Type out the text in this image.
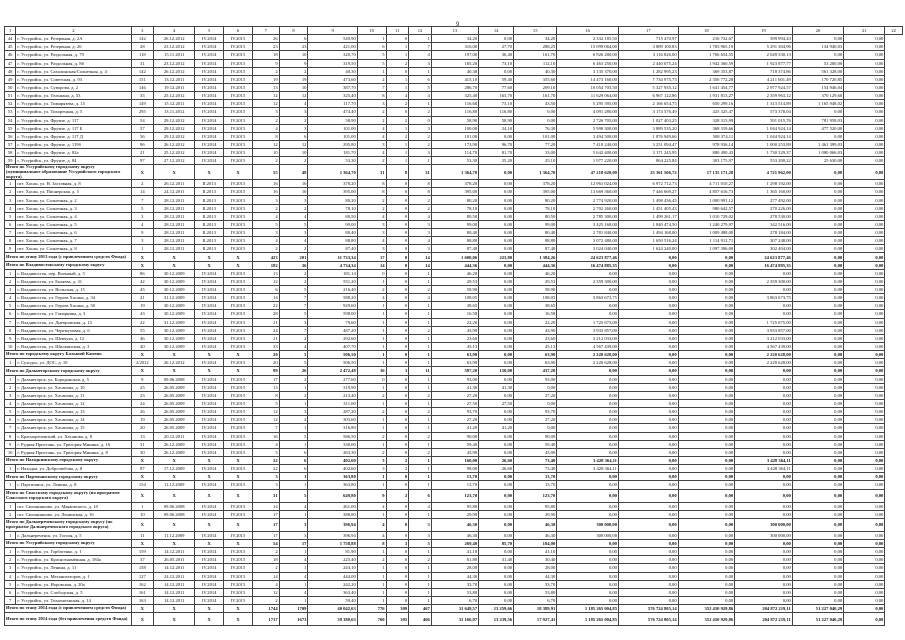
9
1	2	3	4	5	6	7	8	9	10	11	12	13	14	15	16	17	18	19	20	21	22
44	г. Уссурийск, ул. Резервная, д. 2А	142	26.12.2012	IV.2014	IV.2015	26	6	549,90	1	0	1	34,20	0,00	34,20	2 332 185,50	715 470,97	216 732,67	399 994,43	0,00	0,00	
45	г. Уссурийск, ул. Резервная, д. 26	28	23.12.2012	IV.2014	IV.2015	23	23	421,00	6	1	7	316,00	27,70	288,25	15 099 064,00	3 889 100,83	1 783 965,19	5 291 304,96	134 940,03	0,00	
46	г. Уссурийск, ул. Раздольная, д. 79	118	15.11.2011	IV.2014	IV.2015	18	10	320,70	5	1	4	197,00	36,40	161,70	6 926 280,00	3 116 826,00	1 766 654,55	2 049 330,13	0,00	0,00	
47	г. Уссурийск, ул. Раздольная, д. 86	31	23.12.2012	IV.2014	IV.2015	9	9	319,50	5	2	3	185,20	73,10	112,10	6 463 250,00	2 440 075,24	1 942 360,59	1 923 877,77	53 200,00	0,00	
48	г. Уссурийск, ул. Сахалинская/Солнечная, д. 4	142	26.12.2012	IV.2014	IV.2015	2	2	40,30	1	0	1	40,30	0,00	40,30	3 135 370,00	1 282 995,23	369 353,87	718 374,86	561 328,00	0,00	
49	г. Уссурийск, ул. Советская, д. 93	151	13.12.2011	IV.2014	IV.2015	19	19	473,60	2	1	6	415,10	59,40	355,60	14 473 160,00	7 734 975,75	2 356 772,28	4 211 601,49	170 720,85	0,00	
50	г. Уссурийск, ул. Суворова, д. 2	146	19.12.2011	IV.2014	IV.2015	13	10	387,70	7	1	5	286,70	77,60	209,10	10 054 705,50	5 327 935,12	1 641 454,77	2 977 924,57	154 946,04	0,00	
51	г. Уссурийск, ул. Тельмана, д. 53	35	25.12.2012	IV.2014	IV.2015	12	12	325,40	8	4	4	325,40	163,70	161,70	11 629 064,00	6 967 122,86	1 931 813,27	2 359 963,12	370 129,60	0,00	
52	г. Уссурийск, ул. Тимирязева, д. 15	149	15.12.2011	IV.2014	IV.2015	12	4	117,70	3	2	1	116,60	73,10	43,50	5 295 395,00	2 166 654,75	650 299,16	1 313 514,89	1 165 948,02	0,00	
53	г. Уссурийск, ул. Тихорецкая, д. 5	295	13.11.2012	IV.2014	IV.2015	3	3	474,40	2	0	2	116,80	116,80	0,00	4 091 280,00	3 174 576,49	425 325,47	573 378,04	0,00	0,00	
54	г. Уссурийск, ул. Фрунзе, д. 117	54	29.12.2012	IV.2014	IV.2015	2	2	58,90	2	2	0	58,90	58,90	0,00	2 726 705,00	1 027 403,25	328 313,99	591 015,76	781 958,03	0,00	
55	г. Уссурийск, ул. Фрунзе, д. 117 Б	57	29.12.2012	IV.2014	IV.2015	4	3	101,00	4	1	3	100,00	24,10	76,30	5 998 300,00	3 889 535,20	368 319,66	1 044 924,14	477 520,00	0,00	
56	г. Уссурийск, ул. Фрунзе, д. 117 Д	56	29.12.2012	IV.2014	IV.2015	8	6	101,00	4	2	2	101,00	0,00	101,00	3 494 500,00	1 876 949,66	508 374,11	1 044 924,14	0,00	0,00	
57	г. Уссурийск, ул. Фрунзе, д. 119б	96	26.12.2012	IV.2014	IV.2015	12	12	295,80	3	1	2	173,90	96,70	77,20	7 410 240,00	3 251 094,47	978 936,14	1 000 253,89	1 461 399,03	0,00	
58	г. Уссурийск, ул. Фрунзе, д. 82а	21	25.12.2012	IV.2014	IV.2015	10	10	181,70	4	1	3	114,70	81,70	33,00	5 642 400,00	3 171 245,95	880 490,43	1 730 329,37	1 080 066,03	0,00	
59	г. Уссурийск, ул. Фрунзе, д. 84	97	27.12.2012	IV.2014	IV.2015	2	2	53,30	2	1	1	53,30	25,20	25,10	1 977 220,00	864 225,84	303 175,97	553 200,22	25 630,00	0,00	
Итого по Уссурийскому городскому округу (муниципальное образование Уссурийского городского округа)		X	X	X	X	55	48	1 364,70	31	8	31	1 364,70	0,00	1 364,70	47 218 620,00	25 361 506,72	17 135 171,28	4 721 962,00	0,00	0,00	
1	пгт. Хасан, ул. Н. Заставная, д. 8	2	26.12.2011	II.2013	IV.2015	16	16	378,20	8	0	8	378,20	0,00	378,20	12 961 024,00	6 972 712,73	4 711 010,27	1 298 192,00	0,00	0,00	
2	пгт. Хасан, ул. Пионерская, д. 5	14	24.12.2011	II.2013	IV.2015	16	16	395,00	8	0	8	395,00	0,00	395,00	13 669 360,00	7 446 669,27	4 857 616,73	1 365 160,00	0,00	0,00	
3	пгт. Хасан, ул. Солнечная, д. 2	7	28.12.2011	II.2013	IV.2015	3	3	80,20	2	0	2	80,20	0,00	80,20	2 774 920,00	1 498 436,45	1 000 991,12	277 492,00	0,00	0,00	
4	пгт. Хасан, ул. Солнечная, д. 3	5	28.12.2011	II.2013	IV.2015	2	2	78,10	2	0	2	78,10	0,00	78,10	2 702 260,00	1 451 405,43	980 642,57	270 226,00	0,00	0,00	
5	пгт. Хасан, ул. Солнечная, д. 4	3	28.12.2011	II.2013	IV.2015	4	4	80,50	4	0	4	80,50	0,00	80,50	2 785 300,00	1 499 261,17	1 010 729,02	278 530,00	0,00	0,00	
6	пгт. Хасан, ул. Солнечная, д. 5	4	28.12.2011	II.2013	IV.2015	5	5	99,00	3	0	3	99,00	0,00	99,00	3 425 168,00	1 840 474,50	1 240 279,97	342 516,00	0,00	0,00	
7	пгт. Хасан, ул. Солнечная, д. 6	9	28.12.2011	II.2013	IV.2015	3	3	80,40	3	0	3	80,40	0,00	80,40	2 781 840,00	1 494 168,00	1 009 488,00	278 184,00	0,00	0,00	
8	пгт. Хасан, ул. Солнечная, д. 7	3	28.12.2011	II.2013	IV.2015	4	4	88,80	4	0	4	88,80	0,00	88,80	3 072 480,00	1 650 516,24	1 114 912,71	307 248,00	0,00	0,00	
9	пгт. Хасан, ул. Солнечная, д. 8	1	28.12.2011	II.2013	IV.2015	2	2	87,40	3	0	3	87,40	0,00	87,40	3 024 040,00	1 624 240,00	1 097 396,00	302 404,00	0,00	0,00	
Итого по этапу 2013 года (с привлечением средств Фонда)		X	X	X	X	423	201	11 733,34	17	0	14	1 600,06	223,80	1 384,26	24 623 877,46	0,00	0,00	24 623 877,46	0,00	0,00	
Итого по Владивостокскому городскому округу		X	X	X	X	182	36	4 734,34	14	0	14	444,36	0,00	444,36	16 474 885,35	0,00	0,00	16 474 885,35	0,00	0,00	
1	г. Владивосток, пер. Военный, д. 5	86	30.12.2009	IV.2014	IV.2015	13	2	181,14	0	0	1	46,20	0,00	46,20	0,00	0,00	0,00	0,00	0,00	0,00	
2	г. Владивосток, ул. Баляева, д. 31	42	30.12.2009	IV.2014	IV.2015	12	2	551,20	1	0	1	29,53	0,00	29,53	2 359 300,00	0,00	0,00	2 359 300,00	0,00	0,00	
3	г. Владивосток, ул. Вольская, д. 15	45	30.12.2009	IV.2014	IV.2015	6	5	216,40	2	0	2	58,90	0,00	58,90	0,00	0,00	0,00	0,00	0,00	0,00	
4	г. Владивосток, ул. Героев Хасана, д. 34	21	31.12.2009	IV.2014	IV.2015	14	7	588,20	4	0	4	108,05	0,00	108,05	3 863 673,75	0,00	0,00	3 863 673,75	0,00	0,00	
5	г. Владивосток, ул. Героев Хасана, д. 50	19	30.12.2009	IV.2014	IV.2015	22	7	929,60	1	0	1	38,65	0,00	38,65	0,00	0,00	0,00	0,00	0,00	0,00	
6	г. Владивосток, ул. Гамарника, д. 3	43	30.12.2009	IV.2014	IV.2015	28	5	598,00	1	0	1	16,58	0,00	16,58	0,00	0,00	0,00	0,00	0,00	0,00	
7	г. Владивосток, ул. Днепровская, д. 13	22	31.12.2009	IV.2014	IV.2015	11	3	79,60	1	0	1	22,20	0,00	22,20	1 725 675,00	0,00	0,00	1 725 675,00	0,00	0,00	
8	г. Владивосток, ул. Черемуховая, д. 6	55	30.12.2009	IV.2014	IV.2015	24	7	487,20	1	0	2	43,90	0,00	43,90	3 933 857,00	0,00	0,00	3 933 857,00	0,00	0,00	
9	г. Владивосток, ул. Шевчука, д. 12	46	30.12.2009	IV.2014	IV.2015	11	2	292,60	1	0	1	23,60	0,00	23,60	3 212 033,00	0,00	0,00	3 212 033,00	0,00	0,00	
10	г. Владивосток, ул. Шилкинская, д. 3	40	30.12.2009	IV.2014	IV.2015	33	4	407,70	1	0	1	45,13	0,00	45,13	4 567 439,00	0,00	0,00	4 567 439,00	0,00	0,00	
Итого по городскому округу Большой Камень		X	X	X	X	20	5	506,50	1	0	1	63,90	0,00	63,90	2 220 628,00	0,00	0,00	2 220 628,00	0,00	0,00	
1	г. Суходол, ул. ДОС, д. 10	2/2012	26.12.2012	IV.2014	IV.2015	20	5	506,50	1	0	1	63,90	0,00	63,90	2 220 628,00	0,00	0,00	2 220 628,00	0,00	0,00	
Итого по Дальнегорскому городскому округу		X	X	X	X	99	26	2 472,48	16	3	11	587,20	150,00	437,20	0,00	0,00	0,00	0,00	0,00	0,00	
1	г. Дальнегорск, ул. Бородинская, д. 5	9	09.06.2008	IV.2014	IV.2015	17	2	277,60	0	0	1	93,00	0,00	93,00	0,00	0,00	0,00	0,00	0,00	0,00	
2	г. Дальнегорск, ул. Хасанова, д. 10	25	26.05.2009	IV.2014	IV.2015	13	1	319,90	1	0	1	41,30	41,30	0,00	0,00	0,00	0,00	0,00	0,00	0,00	
3	г. Дальнегорск, ул. Хасанова, д. 11	23	26.05.2009	IV.2014	IV.2015	8	2	213,40	2	0	2	27,20	0,00	27,20	0,00	0,00	0,00	0,00	0,00	0,00	
4	г. Дальнегорск, ул. Хасанова, д. 12	24	26.05.2009	IV.2014	IV.2015	5	1	311,00	1	0	1	27,50	27,50	0,00	0,00	0,00	0,00	0,00	0,00	0,00	
5	г. Дальнегорск, ул. Хасанова, д. 13	26	26.05.2009	IV.2014	IV.2015	12	3	287,20	2	0	2	93,70	0,00	93,70	0,00	0,00	0,00	0,00	0,00	0,00	
6	г. Дальнегорск, ул. Хасанова, д. 14	19	26.05.2009	IV.2014	IV.2015	12	4	303,60	1	0	1	27,20	0,00	27,20	0,00	0,00	0,00	0,00	0,00	0,00	
7	г. Дальнегорск, ул. Хасанова, д. 15	20	26.05.2009	IV.2014	IV.2015	7	1	316,80	1	0	1	41,20	41,20	0,00	0,00	0,00	0,00	0,00	0,00	0,00	
8	г. Краснореченский, ул. Хасанова, д. 8	13	20.12.2011	IV.2014	IV.2015	16	5	586,50	2	0	2	90,00	0,00	90,00	0,00	0,00	0,00	0,00	0,00	0,00	
9	г. Рудная Пристань, ул. Григория Минина, д. 16	31	26.12.2009	IV.2014	IV.2015	4	1	330,00	1	0	1	59,40	0,00	59,40	0,00	0,00	0,00	0,00	0,00	0,00	
10	г. Рудная Пристань, ул. Григория Минина, д. 8	30	26.12.2009	IV.2014	IV.2015	5	6	263,30	2	0	2	43,90	0,00	43,90	0,00	0,00	0,00	0,00	0,00	0,00	
Итого по Находкинскому городскому округу		X	X	X	X	22	6	402,60	3	2	1	160,00	26,60	73,40	3 428 364,11	0,00	0,00	3 428 364,11	0,00	0,00	
1	г. Находка, ул. Добролюбова, д. 8	87	17.12.2009	IV.2014	IV.2015	22	6	402,60	3	2	1	98,00	26,60	73,40	3 428 364,11	0,00	0,00	3 428 364,11	0,00	0,00	
Итого по Партизанскому городскому округу		X	X	X	X	3	1	363,80	1	0	1	13,70	0,00	13,70	0,00	0,00	0,00	0,00	0,00	0,00	
1	г. Партизанск, ул. Ленина, д. 8	154	11.12.2009	IV.2014	IV.2015	3	1	363,80	1	0	1	13,70	0,00	13,70	0,00	0,00	0,00	0,00	0,00	0,00	
Итого по Спасскому городскому округу (по программе Спасского городского округа)		X	X	X	X	31	5	649,80	9	2	6	123,70	0,00	123,70	0,00	0,00	0,00	0,00	0,00	0,00	
1	пгт. Смоляниново, ул. Маяковского, д. 10	1	09.06.2008	IV.2014	IV.2015	14	4	261,00	4	0	4	95,80	0,00	95,80	0,00	0,00	0,00	0,00	0,00	0,00	
2	пгт. Смоляниново, ул. Ленинская, д. 16	10	09.06.2008	IV.2014	IV.2015	17	1	388,80	1	0	1	29,90	0,00	29,90	0,00	0,00	0,00	0,00	0,00	0,00	
Итого по Дальнереченскому городскому округу (по программе Дальнереченского городского округа)		X	X	X	X	17	3	396,94	4	0	3	46,30	0,00	46,30	300 000,00	0,00	0,00	300 000,00	0,00	0,00	
1	г. Дальнереченск, ул. Гоголя, д. 5	11	11.12.2009	IV.2014	IV.2015	17	3	396,94	4	0	3	46,30	0,00	46,30	300 000,00	0,00	0,00	300 000,00	0,00	0,00	
Итого по Уссурийскому городскому округу		X	X	X	X	54	17	1 758,88	8	3	5	269,40	85,70	184,00	0,00	0,00	0,00	0,00	0,00	0,00	
1	г. Уссурийск, ул. Горбатенко, д. 1	159	14.12.2011	IV.2014	IV.2015	2	1	81,90	1	0	1	41,10	0,00	41,10	0,00	0,00	0,00	0,00	0,00	0,00	
2	г. Уссурийск, ул. Краснознамённая, д. 184а	37	26.05.2011	IV.2014	IV.2015	18	4	225,40	2	0	2	61,80	31,40	30,40	0,00	0,00	0,00	0,00	0,00	0,00	
3	г. Уссурийск, ул. Ленина, д. 11	158	14.12.2011	IV.2014	IV.2015	2	1	243,10	1	0	1	28,00	0,00	28,00	0,00	0,00	0,00	0,00	0,00	0,00	
4	г. Уссурийск, ул. Механизаторов, д. 1	127	24.12.2011	IV.2014	IV.2015	14	4	444,00	1	0	1	44,30	0,00	44,30	0,00	0,00	0,00	0,00	0,00	0,00	
5	г. Уссурийск, ул. Норовская, д. 20а	162	14.12.2011	IV.2014	IV.2015	4	1	242,20	1	0	1	33,70	0,00	33,70	0,00	0,00	0,00	0,00	0,00	0,00	
6	г. Уссурийск, ул. Слободская, д. 5	161	14.12.2011	IV.2014	IV.2015	12	4	363,40	1	0	1	53,80	0,00	53,80	0,00	0,00	0,00	0,00	0,00	0,00	
7	г. Уссурийск, ул. Тихоокеанская, д. 14	163	14.12.2011	IV.2014	IV.2015	2	1	59,40	1	0	1	6,70	0,00	6,70	0,00	0,00	0,00	0,00	0,00	0,00	
Итого по этапу 2014 года (с привлечением средств Фонда)		X	X	X	X	1744	1709	40 042,63	776	309	467	31 649,57	13 259,66	18 389,91	1 185 265 004,85	576 724 805,14	352 450 929,86	204 872 219,11	51 227 040,29	0,00	
Итого по этапу 2014 года (без привлечения средств Фонда)		X	X	X	X	1717	1673	39 380,63	760	305	466	31 166,97	13 239,56	17 927,41	1 185 265 004,85	576 724 805,14	352 450 929,86	204 872 219,11	51 227 040,29	0,00	
